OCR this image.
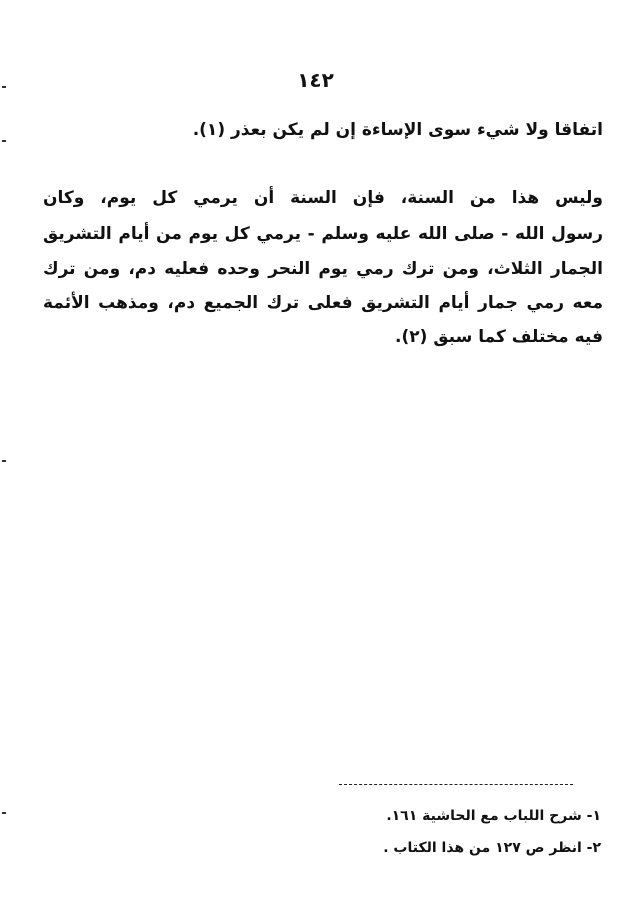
١٤٢
اتفاقا ولا شيء سوى الإساءة إن لم يكن بعذر (١).
وليس هذا من السنة، فإن السنة أن يرمي كل يوم، وكان
رسول الله - صلى الله عليه وسلم - يرمي كل يوم من أيام التشريق
الجمار الثلاث، ومن ترك رمي يوم النحر وحده فعليه دم، ومن ترك
معه رمي جمار أيام التشريق فعلى ترك الجميع دم، ومذهب الأئمة
فيه مختلف كما سبق (٢).
١- شرح اللباب مع الحاشية ١٦١.
٢- انظر ص ١٢٧ من هذا الكتاب .
